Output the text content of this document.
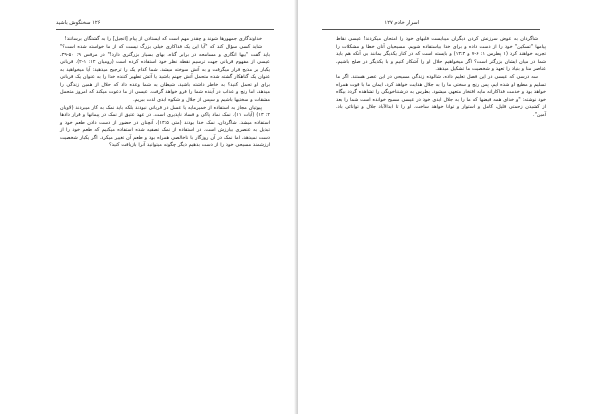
۱۲۶ سخنگوش باشید

خداوندگاری جمهورها شوند و چقدر مهم است که ایستادن از پیام [انجیل] را به گشتگان برسانند!

شاید کسی سؤال کند که "آیا این یک فداکاری خیلی بزرگ نیست که از ما خواسته شده است؟" باید گفت "بیها انگاری و مسامحه در برابر گناه، بهای بسیار بزرگتری دارد!" در مرقس ۹: ۵۰-۴۹، عیسی از مفهوم قربانی جهت ترسیم نقطه نظر خود استفاده کرده است (رومیان ۱۲: ۱-۲). قربانی یکبار بر مذبح قرار میگرفت و به آتش سوخته میشد. شما کدام یک را ترجیح میدهید: آیا میخواهید به عنوان یک گناهکار گشته شده متحمل آتش جهنم باشید یا آتش تطهیر کننده خدا را به عنوان یک قربانی برای او تحمل کنید؟ به خاطر داشته باشید، شیطان به شما وعده داد که حلال از همین زندگی را میدهد، اما رنج و عذاب در آینده شما را فرو خواهد گرفت. عیسی از ما دعوت میکند که امروز متحمل مشقات و سختیها باشیم و سپس از جلال و شکوه ابدی لذت ببریم.

پیوتیان مجاز به استفاده از خمیرمایه یا عسل در قربانی نبودند بلکه باید نمک به کار میبردند (لاویان ۲: ۱۳) (آیات ۱۱). نمک نماد پاکی و فساد ناپذیری است. در عهد عتیق از نمک در پیمانها و قرار دادها استفاده میشد. شاگردان، نمک خدا بودند (متی ۱۳:۵)، آنچنان در حضور از دست دادن طعم خود و تبدیل به عنصری بیارزش است. در استفاده از نمک تصفیه شده استفاده میکنیم که طعم خود را از دست نمیدهد، اما نمک در آن روزگار با ناخالصی همراه بود و طعم آن تغییر میکرد. اگر یکبار شخصیت ارزشمند مسیحی خود را از دست بدهیم دیگر چگونه میتوانید آنرا بازیافت کنید؟

اسرار خادم ۱۲۷

شاگردان به عوض سرزنش کردن دیگران میبایست قلبهای خود را امتحان میکردند! عیسی نقاط پیامها "تسکین" خود را از دست داده و برای خدا بیاستفاده شویم. مسیحیان آنان خطا و مشکلات را تجربه خواهند کرد (۱ پطرس ۱: ۶-۷ و ۱۳:۴) و بایسته است که در کنار یکدیگر بمانند بی آنکه هم باید شما در میان ایشان بزرگتر است؟ اگر میخواهیم حلال او را آشکار کنیم و با یکدیگر در صلح باشیم، عناصر منا و بنیاد را تعهد و شخصیت ما تشکیل میدهد.

سه درسی که عیسی در این فصل تعلیم داده، شالوده زندگی مسیحی در این عصر هستند. اگر ما تسلیم و مطیع او شده ایم، پس رنج و سختی ما را به جلال هدایت خواهد کرد، ایمان ما با قوت همراه خواهد بود و خدمت فداکارانه مایه افتخار متعهی میشود. بطرس به درشنناخوبگی را تشاهده گردد بیگاه خود نوشته: "و خدای همه فیضها که ما را به جلال ابدی خود در عیسی مسیح خوانده است شما را بعد از کشیدن زحمتی قلیل، کامل و استوار و توانا خواهد ساخت. او را تا ابدالآباد جلال و توانائی باد. آمین".
